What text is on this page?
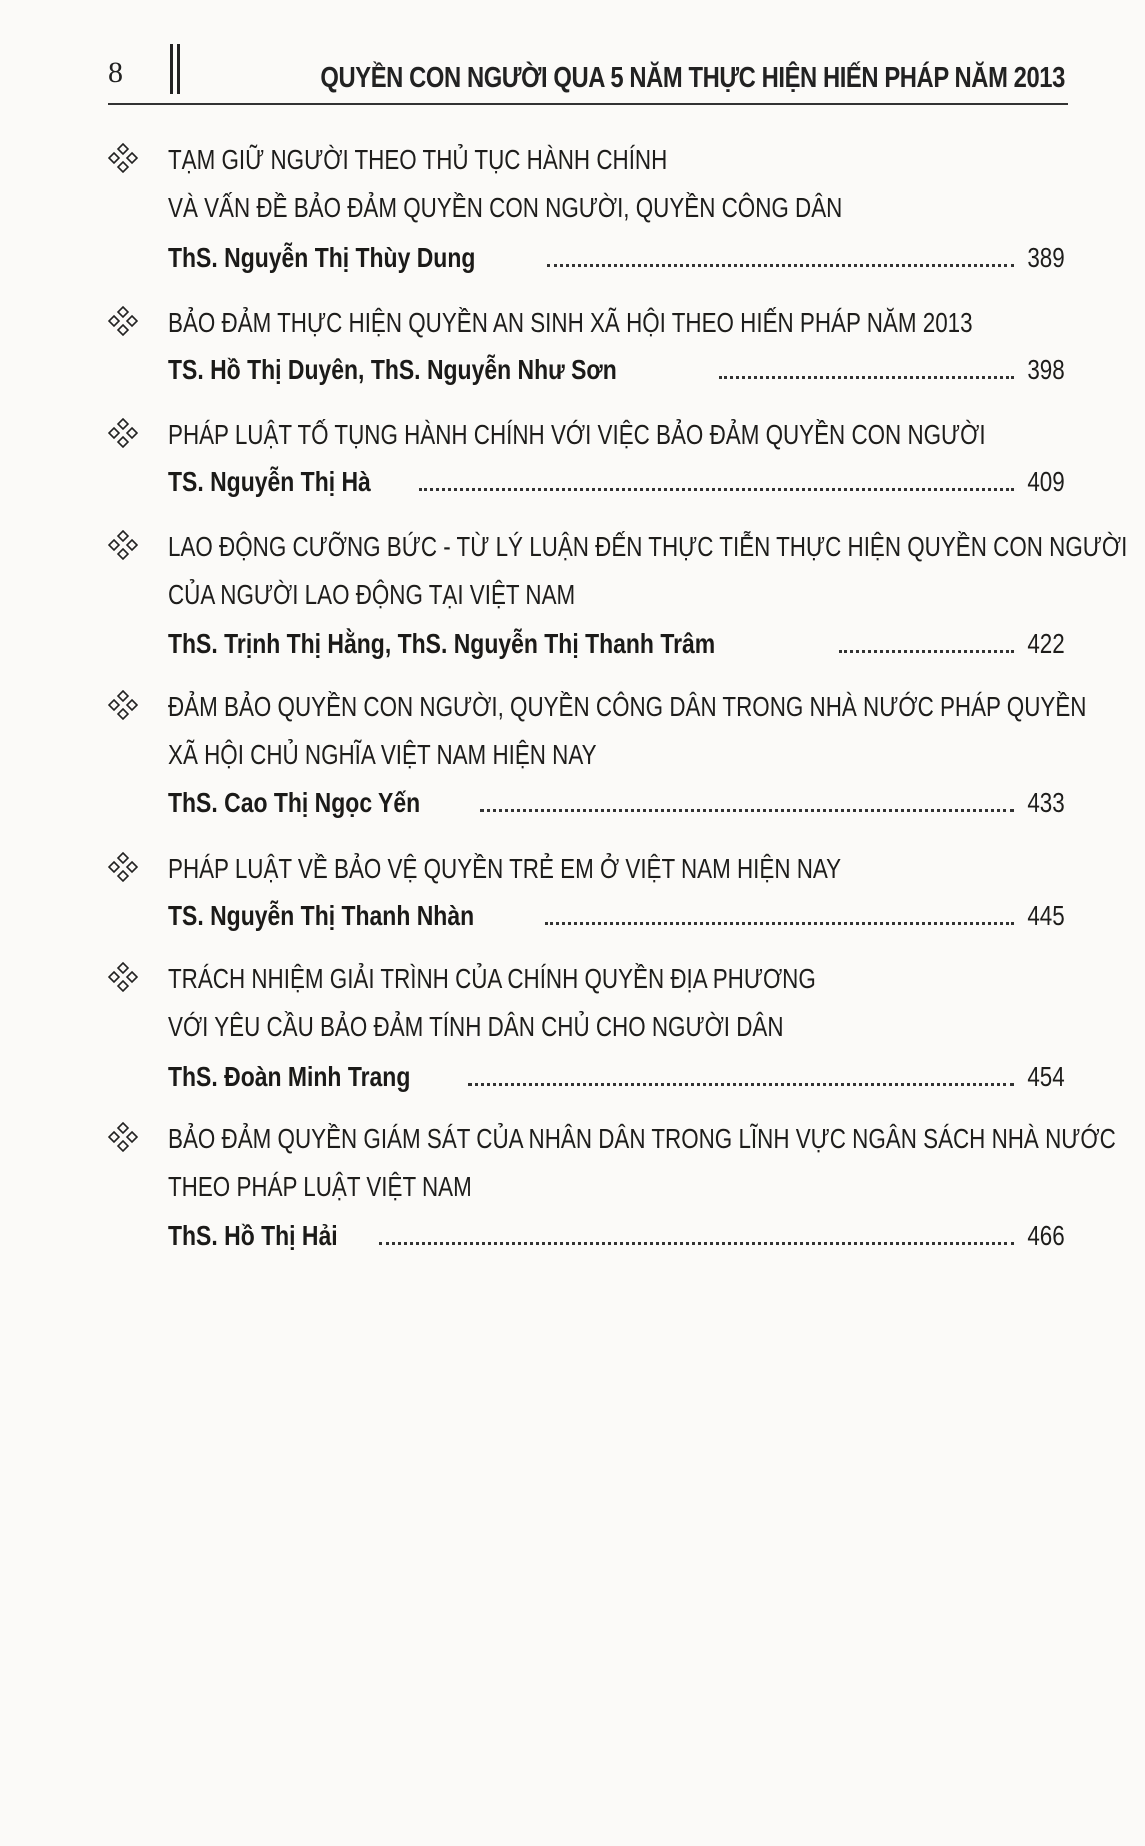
8	QUYỀN CON NGƯỜI QUA 5 NĂM THỰC HIỆN HIẾN PHÁP NĂM 2013
TẠM GIỮ NGƯỜI THEO THỦ TỤC HÀNH CHÍNH
VÀ VẤN ĐỀ BẢO ĐẢM QUYỀN CON NGƯỜI, QUYỀN CÔNG DÂN
ThS. Nguyễn Thị Thùy Dung	389
BẢO ĐẢM THỰC HIỆN QUYỀN AN SINH XÃ HỘI THEO HIẾN PHÁP NĂM 2013
TS. Hồ Thị Duyên, ThS. Nguyễn Như Sơn	398
PHÁP LUẬT TỐ TỤNG HÀNH CHÍNH VỚI VIỆC BẢO ĐẢM QUYỀN CON NGƯỜI
TS. Nguyễn Thị Hà	409
LAO ĐỘNG CƯỠNG BỨC - TỪ LÝ LUẬN ĐẾN THỰC TIỄN THỰC HIỆN QUYỀN CON NGƯỜI
CỦA NGƯỜI LAO ĐỘNG TẠI VIỆT NAM
ThS. Trịnh Thị Hằng, ThS. Nguyễn Thị Thanh Trâm	422
ĐẢM BẢO QUYỀN CON NGƯỜI, QUYỀN CÔNG DÂN TRONG NHÀ NƯỚC PHÁP QUYỀN
XÃ HỘI CHỦ NGHĨA VIỆT NAM HIỆN NAY
ThS. Cao Thị Ngọc Yến	433
PHÁP LUẬT VỀ BẢO VỆ QUYỀN TRẺ EM Ở VIỆT NAM HIỆN NAY
TS. Nguyễn Thị Thanh Nhàn	445
TRÁCH NHIỆM GIẢI TRÌNH CỦA CHÍNH QUYỀN ĐỊA PHƯƠNG
VỚI YÊU CẦU BẢO ĐẢM TÍNH DÂN CHỦ CHO NGƯỜI DÂN
ThS. Đoàn Minh Trang	454
BẢO ĐẢM QUYỀN GIÁM SÁT CỦA NHÂN DÂN TRONG LĨNH VỰC NGÂN SÁCH NHÀ NƯỚC
THEO PHÁP LUẬT VIỆT NAM
ThS. Hồ Thị Hải	466
